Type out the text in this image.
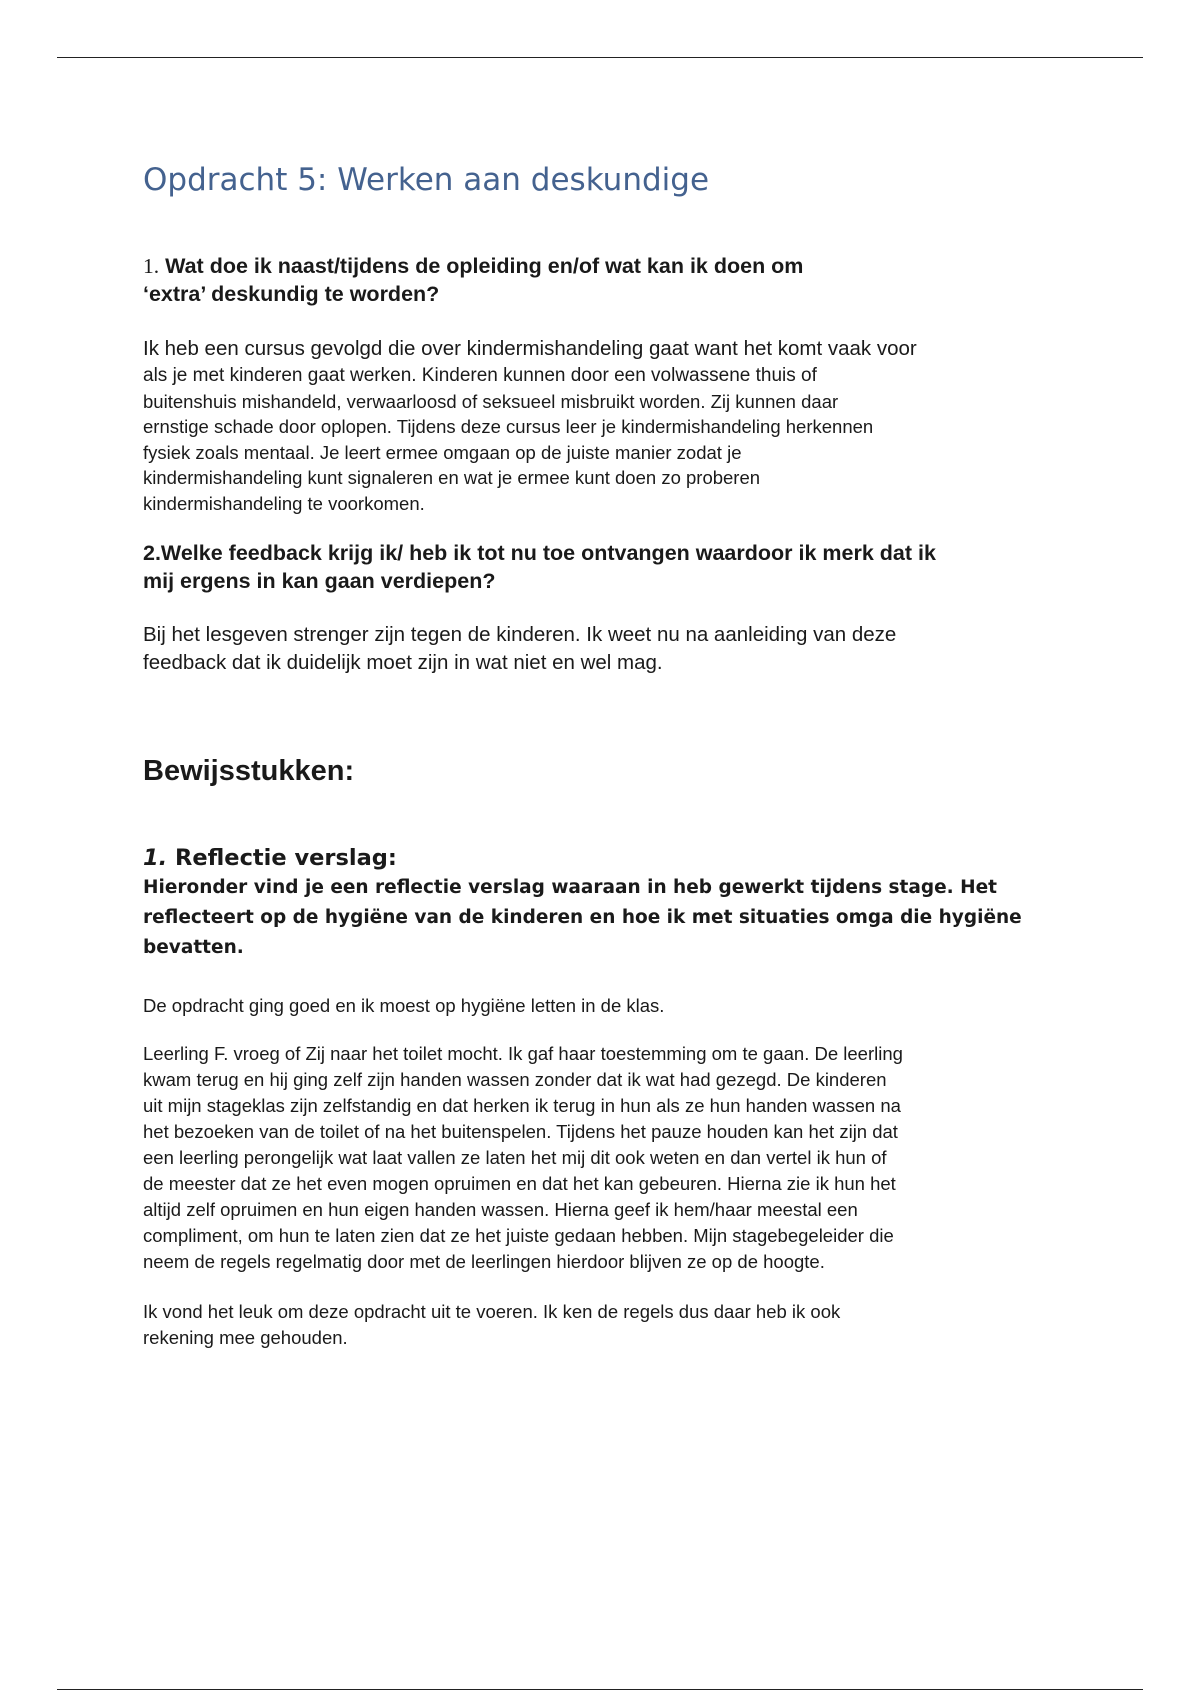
Opdracht 5: Werken aan deskundige
1. Wat doe ik naast/tijdens de opleiding en/of wat kan ik doen om
‘extra’ deskundig te worden?
Ik heb een cursus gevolgd die over kindermishandeling gaat want het komt vaak voor
als je met kinderen gaat werken. Kinderen kunnen door een volwassene thuis of
buitenshuis mishandeld, verwaarloosd of seksueel misbruikt worden. Zij kunnen daar
ernstige schade door oplopen. Tijdens deze cursus leer je kindermishandeling herkennen
fysiek zoals mentaal. Je leert ermee omgaan op de juiste manier zodat je
kindermishandeling kunt signaleren en wat je ermee kunt doen zo proberen
kindermishandeling te voorkomen.
2.Welke feedback krijg ik/ heb ik tot nu toe ontvangen waardoor ik merk dat ik
mij ergens in kan gaan verdiepen?
Bij het lesgeven strenger zijn tegen de kinderen. Ik weet nu na aanleiding van deze
feedback dat ik duidelijk moet zijn in wat niet en wel mag.
Bewijsstukken:
1. Reflectie verslag:
Hieronder vind je een reflectie verslag waaraan in heb gewerkt tijdens stage. Het
reflecteert op de hygiëne van de kinderen en hoe ik met situaties omga die hygiëne
bevatten.

De opdracht ging goed en ik moest op hygiëne letten in de klas.

Leerling F. vroeg of Zij naar het toilet mocht. Ik gaf haar toestemming om te gaan. De leerling
kwam terug en hij ging zelf zijn handen wassen zonder dat ik wat had gezegd. De kinderen
uit mijn stageklas zijn zelfstandig en dat herken ik terug in hun als ze hun handen wassen na
het bezoeken van de toilet of na het buitenspelen. Tijdens het pauze houden kan het zijn dat
een leerling perongelijk wat laat vallen ze laten het mij dit ook weten en dan vertel ik hun of
de meester dat ze het even mogen opruimen en dat het kan gebeuren. Hierna zie ik hun het
altijd zelf opruimen en hun eigen handen wassen. Hierna geef ik hem/haar meestal een
compliment, om hun te laten zien dat ze het juiste gedaan hebben. Mijn stagebegeleider die
neem de regels regelmatig door met de leerlingen hierdoor blijven ze op de hoogte.
Ik vond het leuk om deze opdracht uit te voeren. Ik ken de regels dus daar heb ik ook
rekening mee gehouden.
